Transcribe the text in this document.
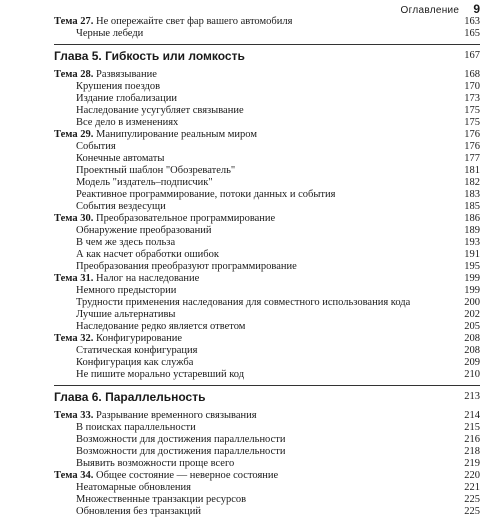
Оглавление 9
Тема 27. Не опережайте свет фар вашего автомобиля	163
Черные лебеди	165
Глава 5. Гибкость или ломкость	167
Тема 28. Развязывание	168
Крушения поездов	170
Издание глобализации	173
Наследование усугубляет связывание	175
Все дело в изменениях	175
Тема 29. Манипулирование реальным миром	176
События	176
Конечные автоматы	177
Проектный шаблон "Обозреватель"	181
Модель "издатель–подписчик"	182
Реактивное программирование, потоки данных и события	183
События вездесущи	185
Тема 30. Преобразовательное программирование	186
Обнаружение преобразований	189
В чем же здесь польза	193
А как насчет обработки ошибок	191
Преобразования преобразуют программирование	195
Тема 31. Налог на наследование	199
Немного предыстории	199
Трудности применения наследования для совместного использования кода	200
Лучшие альтернативы	202
Наследование редко является ответом	205
Тема 32. Конфигурирование	208
Статическая конфигурация	208
Конфигурация как служба	209
Не пишите морально устаревший код	210
Глава 6. Параллельность	213
Тема 33. Разрывание временного связывания	214
В поисках параллельности	215
Возможности для достижения параллельности	216
Возможности для достижения параллельности	218
Выявить возможности проще всего	219
Тема 34. Общее состояние — неверное состояние	220
Неатомарные обновления	221
Множественные транзакции ресурсов	225
Обновления без транзакций	225
